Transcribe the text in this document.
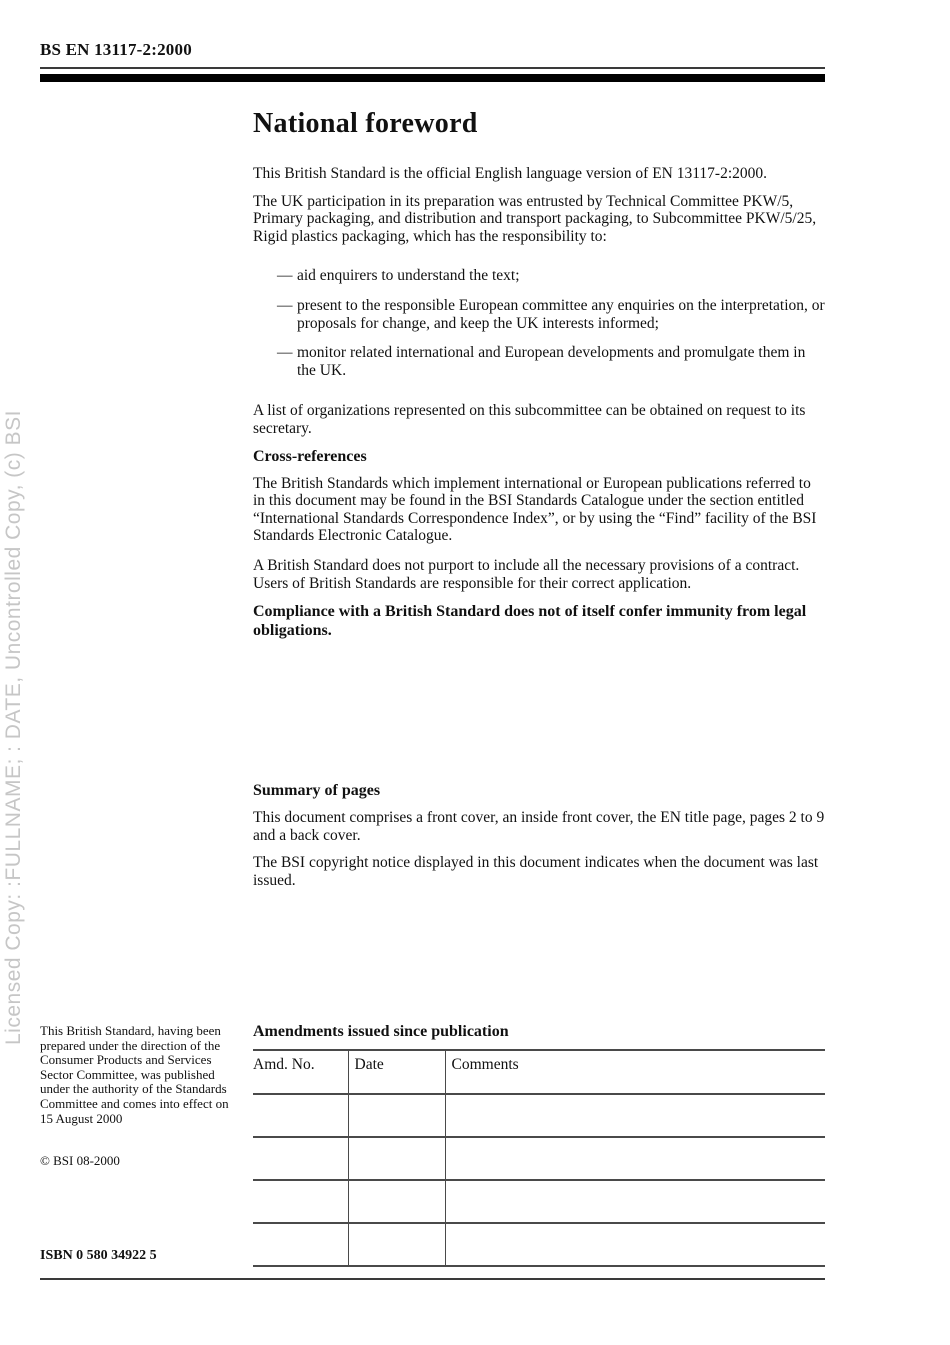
Licensed Copy: :FULLNAME; : DATE, Uncontrolled Copy, (c) BSI
BS EN 13117-2:2000
National foreword

This British Standard is the official English language version of EN 13117-2:2000.

The UK participation in its preparation was entrusted by Technical Committee PKW/5, Primary packaging, and distribution and transport packaging, to Subcommittee PKW/5/25, Rigid plastics packaging, which has the responsibility to:

— aid enquirers to understand the text;
— present to the responsible European committee any enquiries on the interpretation, or proposals for change, and keep the UK interests informed;
— monitor related international and European developments and promulgate them in the UK.

A list of organizations represented on this subcommittee can be obtained on request to its secretary.

Cross-references

The British Standards which implement international or European publications referred to in this document may be found in the BSI Standards Catalogue under the section entitled “International Standards Correspondence Index”, or by using the “Find” facility of the BSI Standards Electronic Catalogue.

A British Standard does not purport to include all the necessary provisions of a contract. Users of British Standards are responsible for their correct application.

Compliance with a British Standard does not of itself confer immunity from legal obligations.

Summary of pages

This document comprises a front cover, an inside front cover, the EN title page, pages 2 to 9 and a back cover.

The BSI copyright notice displayed in this document indicates when the document was last issued.

This British Standard, having been prepared under the direction of the Consumer Products and Services Sector Committee, was published under the authority of the Standards Committee and comes into effect on 15 August 2000
© BSI 08-2000
ISBN 0 580 34922 5
Amendments issued since publication
Amd. No.	Date	Comments
